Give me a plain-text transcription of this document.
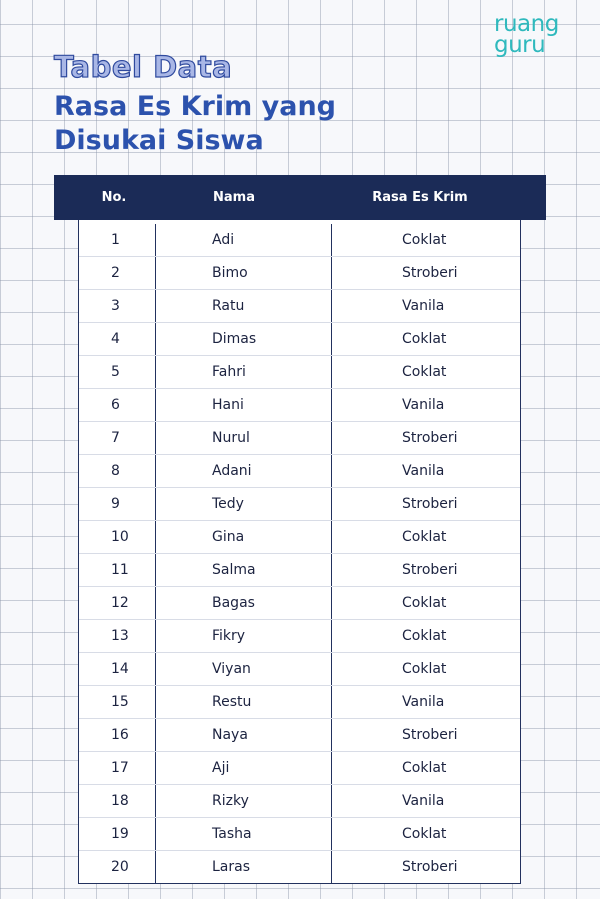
ruang
guru
Tabel Data
Rasa Es Krim yang Disukai Siswa
No.	Nama	Rasa Es Krim
1	Adi	Coklat
2	Bimo	Stroberi
3	Ratu	Vanila
4	Dimas	Coklat
5	Fahri	Coklat
6	Hani	Vanila
7	Nurul	Stroberi
8	Adani	Vanila
9	Tedy	Stroberi
10	Gina	Coklat
11	Salma	Stroberi
12	Bagas	Coklat
13	Fikry	Coklat
14	Viyan	Coklat
15	Restu	Vanila
16	Naya	Stroberi
17	Aji	Coklat
18	Rizky	Vanila
19	Tasha	Coklat
20	Laras	Stroberi
